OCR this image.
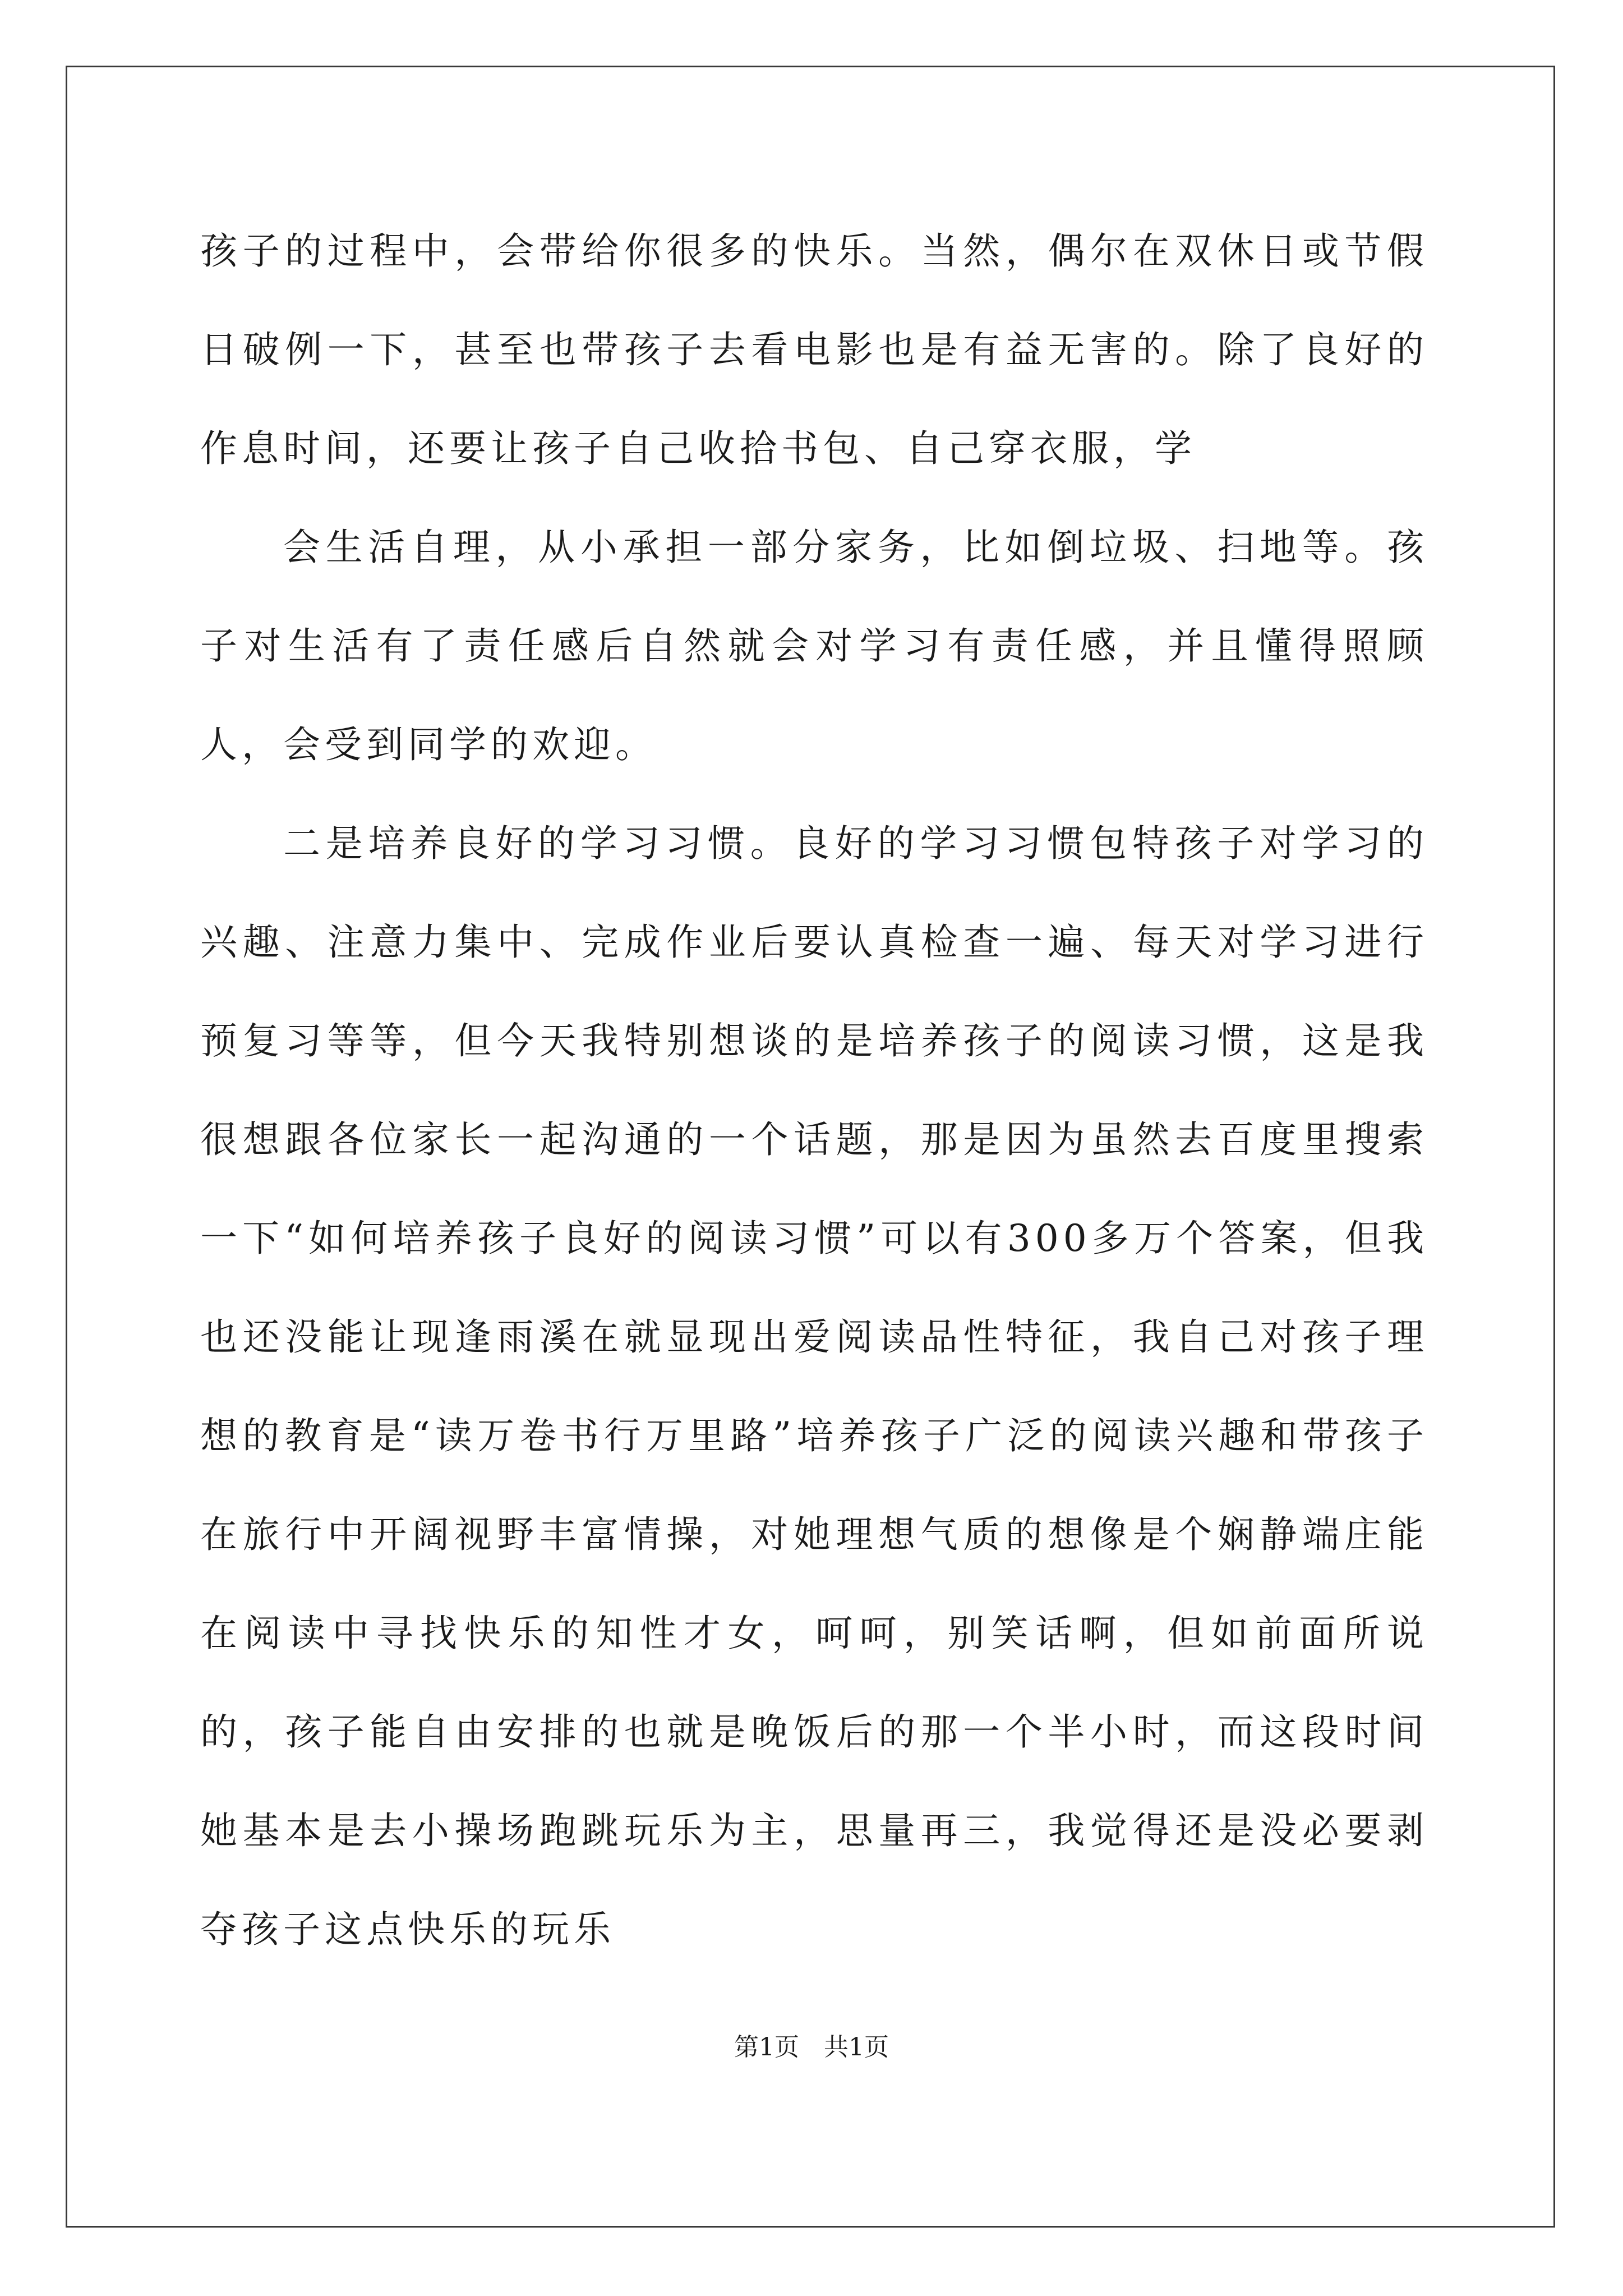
孩子的过程中，会带给你很多的快乐。当然，偶尔在双休日或节假日破例一下，甚至也带孩子去看电影也是有益无害的。除了良好的作息时间，还要让孩子自己收拾书包、自己穿衣服，学

会生活自理，从小承担一部分家务，比如倒垃圾、扫地等。孩子对生活有了责任感后自然就会对学习有责任感，并且懂得照顾人，会受到同学的欢迎。

二是培养良好的学习习惯。良好的学习习惯包特孩子对学习的兴趣、注意力集中、完成作业后要认真检查一遍、每天对学习进行预复习等等，但今天我特别想谈的是培养孩子的阅读习惯，这是我很想跟各位家长一起沟通的一个话题，那是因为虽然去百度里搜索一下“如何培养孩子良好的阅读习惯”可以有300多万个答案，但我也还没能让现逢雨溪在就显现出爱阅读品性特征，我自己对孩子理想的教育是“读万卷书行万里路”培养孩子广泛的阅读兴趣和带孩子在旅行中开阔视野丰富情操，对她理想气质的想像是个娴静端庄能在阅读中寻找快乐的知性才女，呵呵，别笑话啊，但如前面所说的，孩子能自由安排的也就是晚饭后的那一个半小时，而这段时间她基本是去小操场跑跳玩乐为主，思量再三，我觉得还是没必要剥夺孩子这点快乐的玩乐

第1页 共1页
